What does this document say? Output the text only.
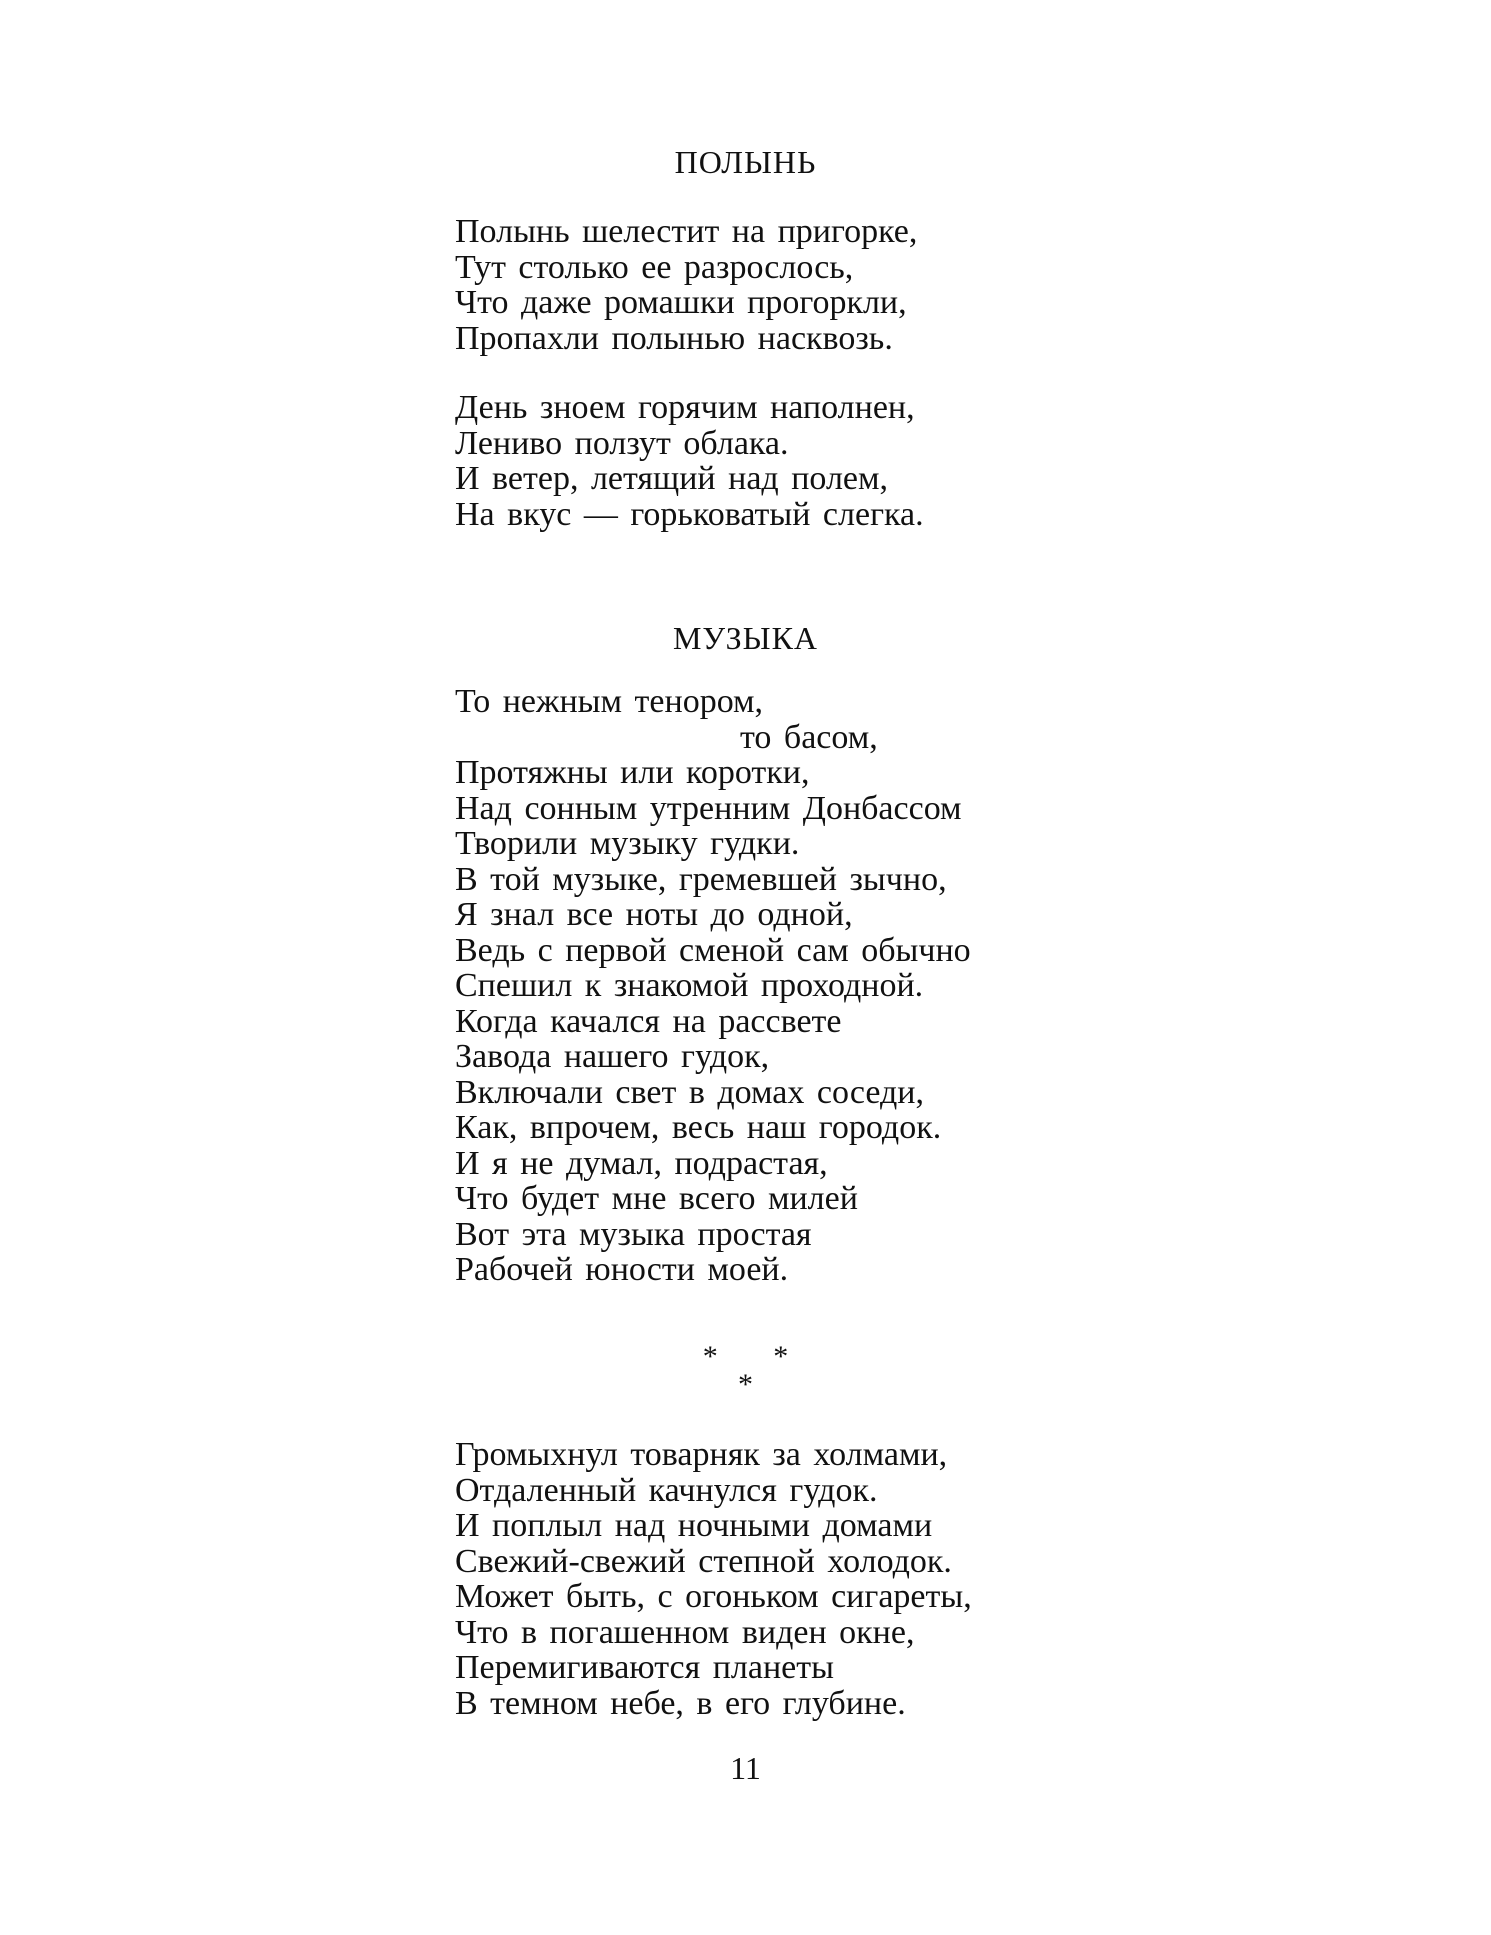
ПОЛЫНЬ
Полынь шелестит на пригорке,
Тут столько ее разрослось,
Что даже ромашки прогоркли,
Пропахли полынью насквозь.
День зноем горячим наполнен,
Лениво ползут облака.
И ветер, летящий над полем,
На вкус — горьковатый слегка.
МУЗЫКА
То нежным тенором,
то басом,
Протяжны или коротки,
Над сонным утренним Донбассом
Творили музыку гудки.
В той музыке, гремевшей зычно,
Я знал все ноты до одной,
Ведь с первой сменой сам обычно
Спешил к знакомой проходной.
Когда качался на рассвете
Завода нашего гудок,
Включали свет в домах соседи,
Как, впрочем, весь наш городок.
И я не думал, подрастая,
Что будет мне всего милей
Вот эта музыка простая
Рабочей юности моей.
* *
*
Громыхнул товарняк за холмами,
Отдаленный качнулся гудок.
И поплыл над ночными домами
Свежий-свежий степной холодок.
Может быть, с огоньком сигареты,
Что в погашенном виден окне,
Перемигиваются планеты
В темном небе, в его глубине.
11
